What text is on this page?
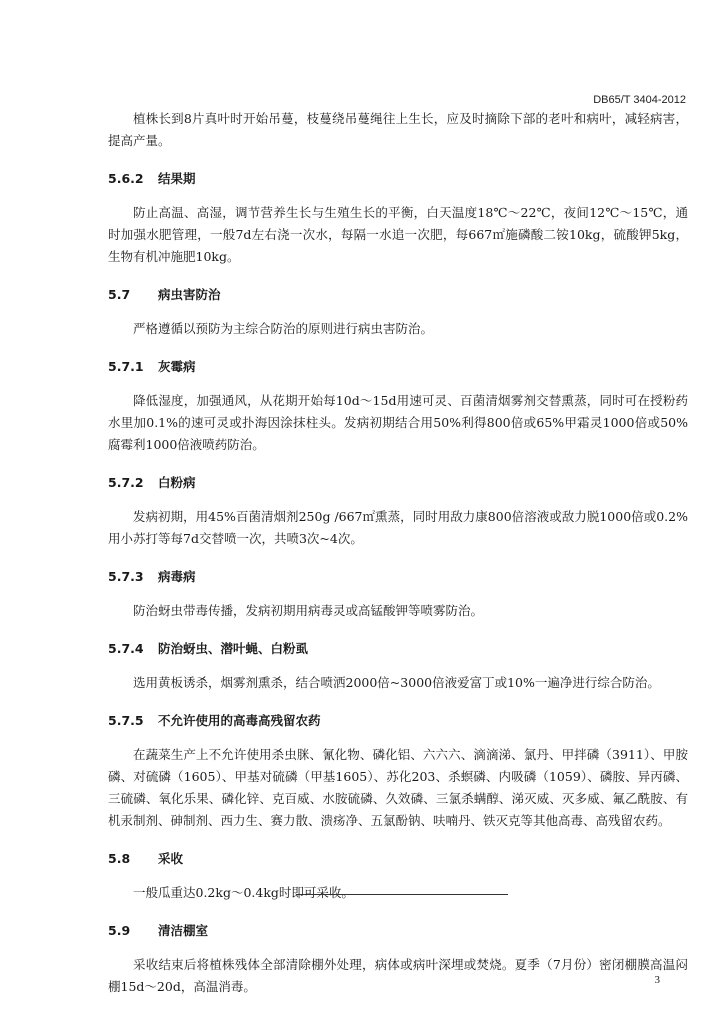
DB65/T 3404-2012

植株长到8片真叶时开始吊蔓，枝蔓绕吊蔓绳往上生长，应及时摘除下部的老叶和病叶，减轻病害，提高产量。

5.6.2 结果期

防止高温、高湿，调节营养生长与生殖生长的平衡，白天温度18℃～22℃，夜间12℃～15℃，通时加强水肥管理，一般7d左右浇一次水，每隔一水追一次肥，每667㎡施磷酸二铵10kg，硫酸钾5kg，生物有机冲施肥10kg。

5.7 病虫害防治

严格遵循以预防为主综合防治的原则进行病虫害防治。

5.7.1 灰霉病

降低湿度，加强通风，从花期开始每10d～15d用速可灵、百菌清烟雾剂交替熏蒸，同时可在授粉药水里加0.1%的速可灵或扑海因涂抹柱头。发病初期结合用50%利得800倍或65%甲霜灵1000倍或50%腐霉利1000倍液喷药防治。

5.7.2 白粉病

发病初期，用45%百菌清烟剂250g /667㎡熏蒸，同时用敌力康800倍溶液或敌力脱1000倍或0.2%用小苏打等每7d交替喷一次，共喷3次~4次。

5.7.3 病毒病

防治蚜虫带毒传播，发病初期用病毒灵或高锰酸钾等喷雾防治。

5.7.4 防治蚜虫、潜叶蝇、白粉虱

选用黄板诱杀，烟雾剂熏杀，结合喷洒2000倍~3000倍液爱富丁或10%一遍净进行综合防治。

5.7.5 不允许使用的高毒高残留农药

在蔬菜生产上不允许使用杀虫脒、氰化物、磷化铝、六六六、滴滴涕、氯丹、甲拌磷（3911）、甲胺磷、对硫磷（1605）、甲基对硫磷（甲基1605）、苏化203、杀螟磷、内吸磷（1059）、磷胺、异丙磷、三硫磷、氧化乐果、磷化锌、克百威、水胺硫磷、久效磷、三氯杀螨醇、涕灭威、灭多威、氟乙酰胺、有机汞制剂、砷制剂、西力生、赛力散、溃疡净、五氯酚钠、呋喃丹、铁灭克等其他高毒、高残留农药。

5.8 采收

一般瓜重达0.2kg～0.4kg时即可采收。

5.9 清洁棚室

采收结束后将植株残体全部清除棚外处理，病体或病叶深埋或焚烧。夏季（7月份）密闭棚膜高温闷棚15d～20d，高温消毒。	3
